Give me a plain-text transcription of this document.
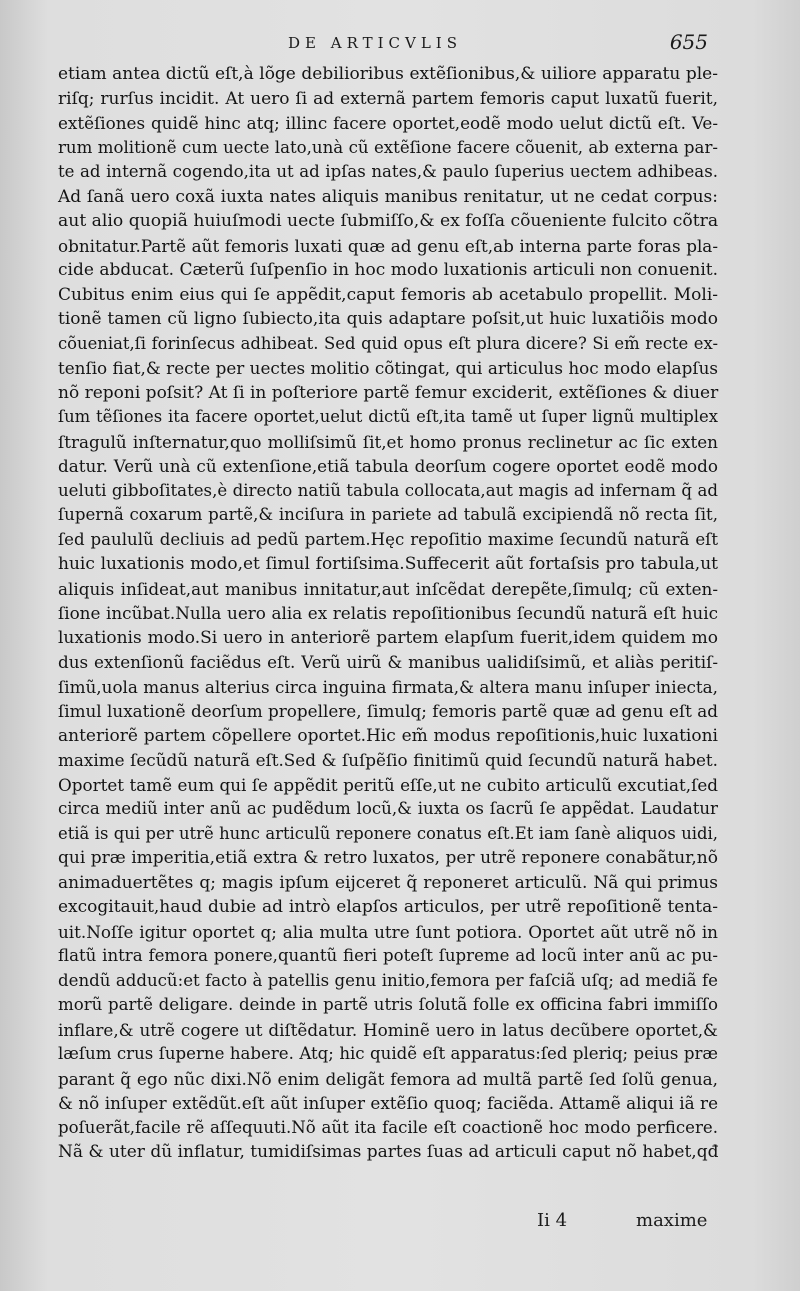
DE ARTICVLIS	655
etiam antea dictũ eſt,à lõge debilioribus extẽſionibus,& uiliore apparatu ple-
riſq; rurſus incidit. At uero ſi ad externã partem femoris caput luxatũ fuerit,
extẽſiones quidẽ hinc atq; illinc facere oportet,eodẽ modo uelut dictũ eſt. Ve-
rum molitionẽ cum uecte lato,unà cũ extẽſione facere cõuenit, ab externa par-
te ad internã cogendo,ita ut ad ipſas nates,& paulo ſuperius uectem adhibeas.
Ad ſanã uero coxã iuxta nates aliquis manibus renitatur, ut ne cedat corpus:
aut alio quopiã huiuſmodi uecte ſubmiſſo,& ex foſſa cõueniente fulcito cõtra
obnitatur.Partẽ aũt femoris luxati quæ ad genu eſt,ab interna parte foras pla-
cide abducat. Cæterũ ſuſpenſio in hoc modo luxationis articuli non conuenit.
Cubitus enim eius qui ſe appẽdit,caput femoris ab acetabulo propellit. Moli-
tionẽ tamen cũ ligno ſubiecto,ita quis adaptare poſsit,ut huic luxatiõis modo
cõueniat,ſi forinſecus adhibeat. Sed quid opus eſt plura dicere? Si em̃ recte ex-
tenſio fiat,& recte per uectes molitio cõtingat, qui articulus hoc modo elapſus
nõ reponi poſsit? At ſi in poſteriore partẽ femur exciderit, extẽſiones & diuer
ſum tẽſiones ita facere oportet,uelut dictũ eſt,ita tamẽ ut ſuper lignũ multiplex
ſtragulũ inſternatur,quo molliſsimũ ſit,et homo pronus reclinetur ac ſic exten
datur. Verũ unà cũ extenſione,etiã tabula deorſum cogere oportet eodẽ modo
ueluti gibboſitates,è directo natiũ tabula collocata,aut magis ad infernam q̃ ad
ſupernã coxarum partẽ,& inciſura in pariete ad tabulã excipiendã nõ recta ſit,
ſed paululũ decliuis ad pedũ partem.Hęc repoſitio maxime ſecundũ naturã eſt
huic luxationis modo,et ſimul fortiſsima.Suffecerit aũt fortaſsis pro tabula,ut
aliquis inſideat,aut manibus innitatur,aut inſcẽdat derepẽte,ſimulq; cũ exten-
ſione incũbat.Nulla uero alia ex relatis repoſitionibus ſecundũ naturã eſt huic
luxationis modo.Si uero in anteriorẽ partem elapſum fuerit,idem quidem mo
dus extenſionũ faciẽdus eſt. Verũ uirũ & manibus ualidiſsimũ, et aliàs peritiſ-
ſimũ,uola manus alterius circa inguina firmata,& altera manu inſuper iniecta,
ſimul luxationẽ deorſum propellere, ſimulq; femoris partẽ quæ ad genu eſt ad
anteriorẽ partem cõpellere oportet.Hic em̃ modus repoſitionis,huic luxationi
maxime ſecũdũ naturã eſt.Sed & ſuſpẽſio finitimũ quid ſecundũ naturã habet.
Oportet tamẽ eum qui ſe appẽdit peritũ eſſe,ut ne cubito articulũ excutiat,ſed
circa mediũ inter anũ ac pudẽdum locũ,& iuxta os ſacrũ ſe appẽdat. Laudatur
etiã is qui per utrẽ hunc articulũ reponere conatus eſt.Et iam ſanè aliquos uidi,
qui præ imperitia,etiã extra & retro luxatos, per utrẽ reponere conabãtur,nõ
animaduertẽtes q; magis ipſum eijceret q̃ reponeret articulũ. Nã qui primus
excogitauit,haud dubie ad intrò elapſos articulos, per utrẽ repoſitionẽ tenta-
uit.Noſſe igitur oportet q; alia multa utre ſunt potiora. Oportet aũt utrẽ nõ in
flatũ intra femora ponere,quantũ fieri poteſt ſupreme ad locũ inter anũ ac pu-
dendũ adducũ:et facto à patellis genu initio,femora per faſciã uſq; ad mediã fe
morũ partẽ deligare. deinde in partẽ utris ſolutã folle ex officina fabri immiſſo
inflare,& utrẽ cogere ut diſtẽdatur. Hominẽ uero in latus decũbere oportet,&
læſum crus ſuperne habere. Atq; hic quidẽ eſt apparatus:ſed pleriq; peius præ
parant q̃ ego nũc dixi.Nõ enim deligãt femora ad multã partẽ ſed ſolũ genua,
& nõ inſuper extẽdũt.eſt aũt inſuper extẽſio quoq; faciẽda. Attamẽ aliqui iã re
poſuerãt,facile rẽ aſſequuti.Nõ aũt ita facile eſt coactionẽ hoc modo perficere.
Nã & uter dũ inflatur, tumidiſsimas partes ſuas ad articuli caput nõ habet,qđ
Ii 4	maxime
